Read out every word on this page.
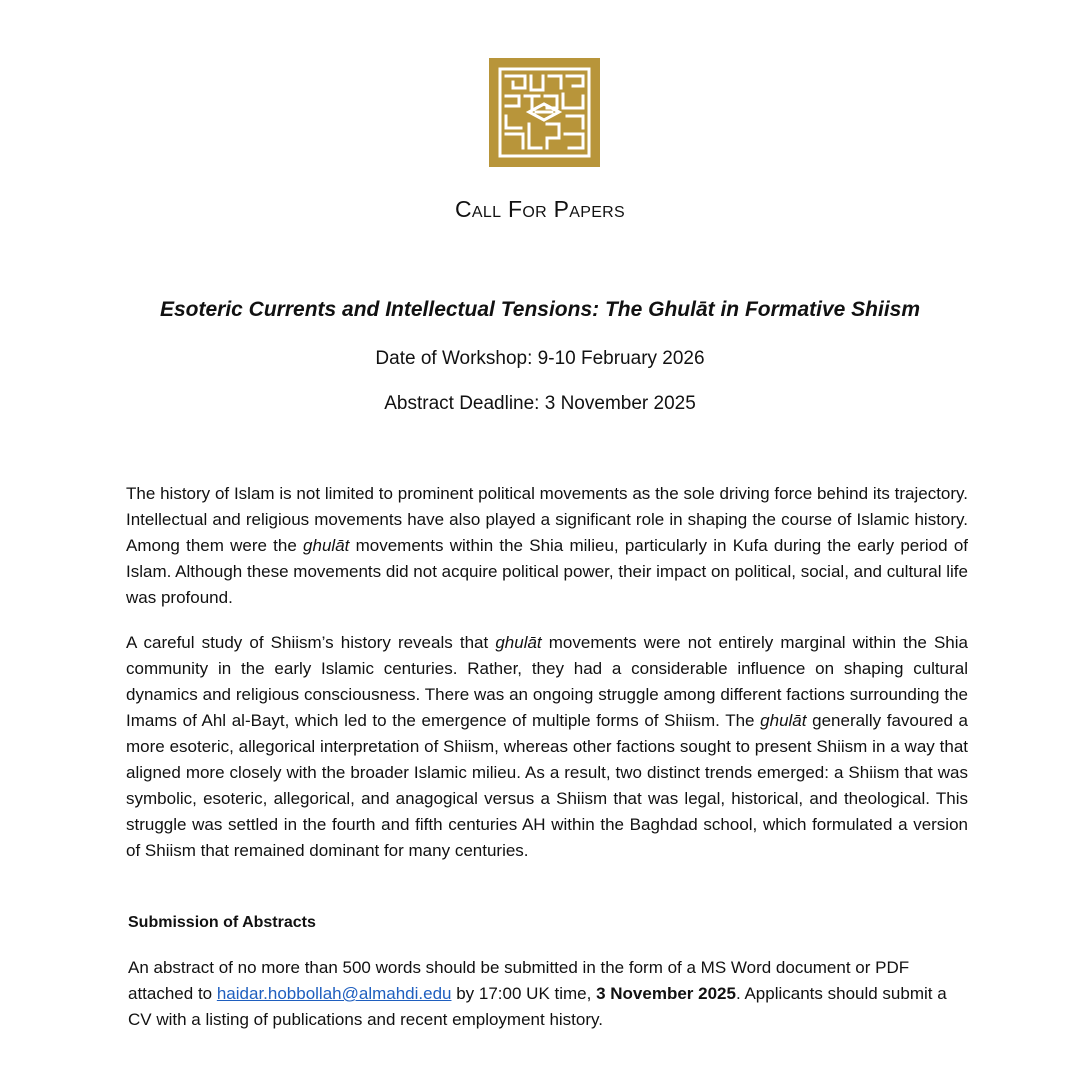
Call For Papers
Esoteric Currents and Intellectual Tensions: The Ghulāt in Formative Shiism
Date of Workshop: 9-10 February 2026
Abstract Deadline: 3 November 2025

The history of Islam is not limited to prominent political movements as the sole driving force behind its trajectory. Intellectual and religious movements have also played a significant role in shaping the course of Islamic history. Among them were the ghulāt movements within the Shia milieu, particularly in Kufa during the early period of Islam. Although these movements did not acquire political power, their impact on political, social, and cultural life was profound.

A careful study of Shiism’s history reveals that ghulāt movements were not entirely marginal within the Shia community in the early Islamic centuries. Rather, they had a considerable influence on shaping cultural dynamics and religious consciousness. There was an ongoing struggle among different factions surrounding the Imams of Ahl al-Bayt, which led to the emergence of multiple forms of Shiism. The ghulāt generally favoured a more esoteric, allegorical interpretation of Shiism, whereas other factions sought to present Shiism in a way that aligned more closely with the broader Islamic milieu. As a result, two distinct trends emerged: a Shiism that was symbolic, esoteric, allegorical, and anagogical versus a Shiism that was legal, historical, and theological. This struggle was settled in the fourth and fifth centuries AH within the Baghdad school, which formulated a version of Shiism that remained dominant for many centuries.

Submission of Abstracts

An abstract of no more than 500 words should be submitted in the form of a MS Word document or PDF attached to haidar.hobbollah@almahdi.edu by 17:00 UK time, 3 November 2025. Applicants should submit a CV with a listing of publications and recent employment history.
